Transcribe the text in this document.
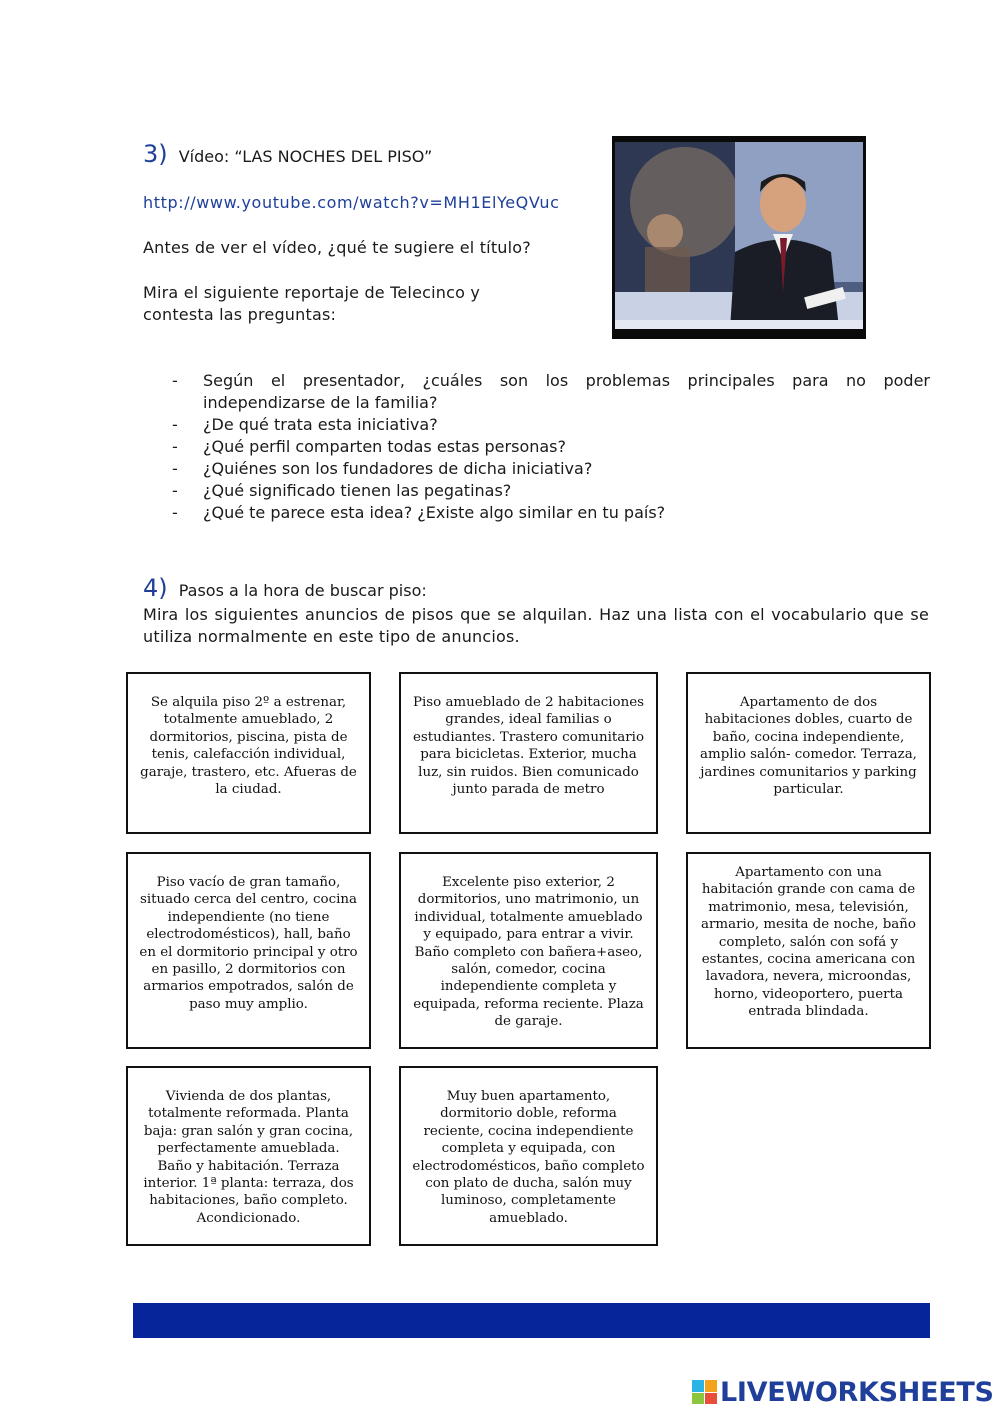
3) Vídeo: “LAS NOCHES DEL PISO”
http://www.youtube.com/watch?v=MH1ElYeQVuc
Antes de ver el vídeo, ¿qué te sugiere el título?
Mira el siguiente reportaje de Telecinco y
contesta las preguntas:
-	Según el presentador, ¿cuáles son los problemas principales para no poder independizarse de la familia?
-	¿De qué trata esta iniciativa?
-	¿Qué perfil comparten todas estas personas?
-	¿Quiénes son los fundadores de dicha iniciativa?
-	¿Qué significado tienen las pegatinas?
-	¿Qué te parece esta idea? ¿Existe algo similar en tu país?
4) Pasos a la hora de buscar piso:
Mira los siguientes anuncios de pisos que se alquilan. Haz una lista con el vocabulario que se utiliza normalmente en este tipo de anuncios.
Se alquila piso 2º a estrenar, totalmente amueblado, 2 dormitorios, piscina, pista de tenis, calefacción individual, garaje, trastero, etc. Afueras de la ciudad.
Piso amueblado de 2 habitaciones grandes, ideal familias o estudiantes. Trastero comunitario para bicicletas. Exterior, mucha luz, sin ruidos. Bien comunicado junto parada de metro
Apartamento de dos habitaciones dobles, cuarto de baño, cocina independiente, amplio salón- comedor. Terraza, jardines comunitarios y parking particular.
Piso vacío de gran tamaño, situado cerca del centro, cocina independiente (no tiene electrodomésticos), hall, baño en el dormitorio principal y otro en pasillo, 2 dormitorios con armarios empotrados, salón de paso muy amplio.
Excelente piso exterior, 2 dormitorios, uno matrimonio, un individual, totalmente amueblado y equipado, para entrar a vivir. Baño completo con bañera+aseo, salón, comedor, cocina independiente completa y equipada, reforma reciente. Plaza de garaje.
Apartamento con una habitación grande con cama de matrimonio, mesa, televisión, armario, mesita de noche, baño completo, salón con sofá y estantes, cocina americana con lavadora, nevera, microondas, horno, videoportero, puerta entrada blindada.
Vivienda de dos plantas, totalmente reformada. Planta baja: gran salón y gran cocina, perfectamente amueblada. Baño y habitación. Terraza interior. 1ª planta: terraza, dos habitaciones, baño completo. Acondicionado.
Muy buen apartamento, dormitorio doble, reforma reciente, cocina independiente completa y equipada, con electrodomésticos, baño completo con plato de ducha, salón muy luminoso, completamente amueblado.
LIVEWORKSHEETS
